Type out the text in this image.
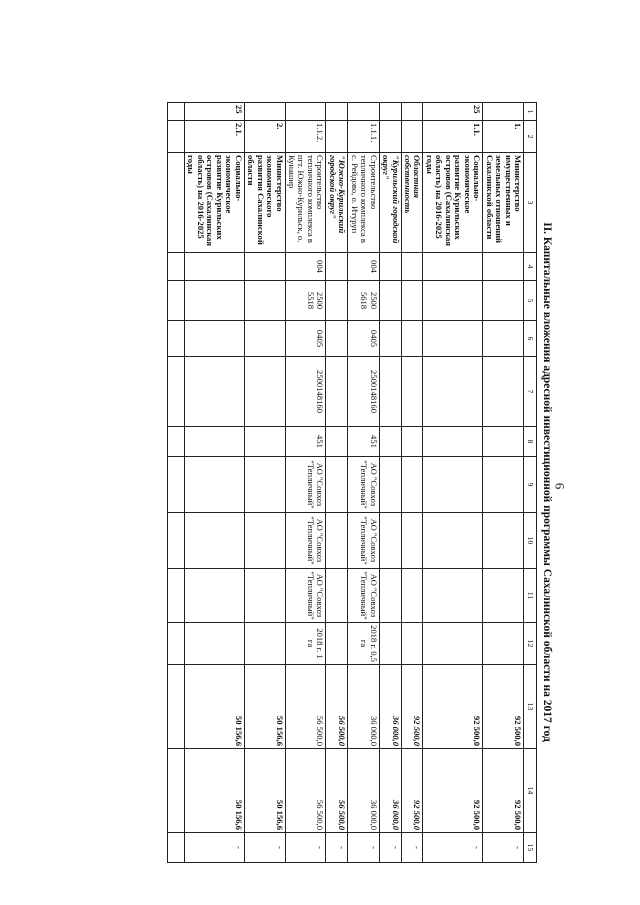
6
II. Капитальные вложения адресной инвестиционной программы Сахалинской области на 2017 год
1	2	3	4	5	6	7	8	9	10	11	12	13	14	15
	1.	Министерство имущественных и земельных отношений Сахалинской области										92 500,0	92 500,0	-
25	1.1.	Социально-экономическое развитие Курильских островов (Сахалинская область) на 2016-2025 годы										92 500,0	92 500,0	-
		Областная собственность										92 500,0	92 500,0	-
		"Курильский городской округ"										36 000,0	36 000,0	-
	1.1.1.	Строительство тепличного комплекса в с. Рейдово, о. Итуруп	004	2500 5618	0405	2500148160	451	АО "Совхоз "Тепличный"	АО "Совхоз "Тепличный"	АО "Совхоз "Тепличный"	2018 г. 0,5 га	36 000,0	36 000,0	-
		"Южно-Курильский городской округ"										56 500,0	56 500,0	-
	1.1.2.	Строительство тепличного комплекса в пгт. Южно-Курильск, о. Кунашир	004	2500 5518	0405	2500148160	451	АО "Совхоз "Тепличный"	АО "Совхоз "Тепличный"	АО "Совхоз "Тепличный"	2018 г. 1 га	56 500,0	56 500,0	-
	2.	Министерство экономического развития Сахалинской области										50 156,6	50 156,6	-
25	2.1.	Социально-экономическое развитие Курильских островов (Сахалинская область) на 2016-2025 годы										50 156,6	50 156,6	-
